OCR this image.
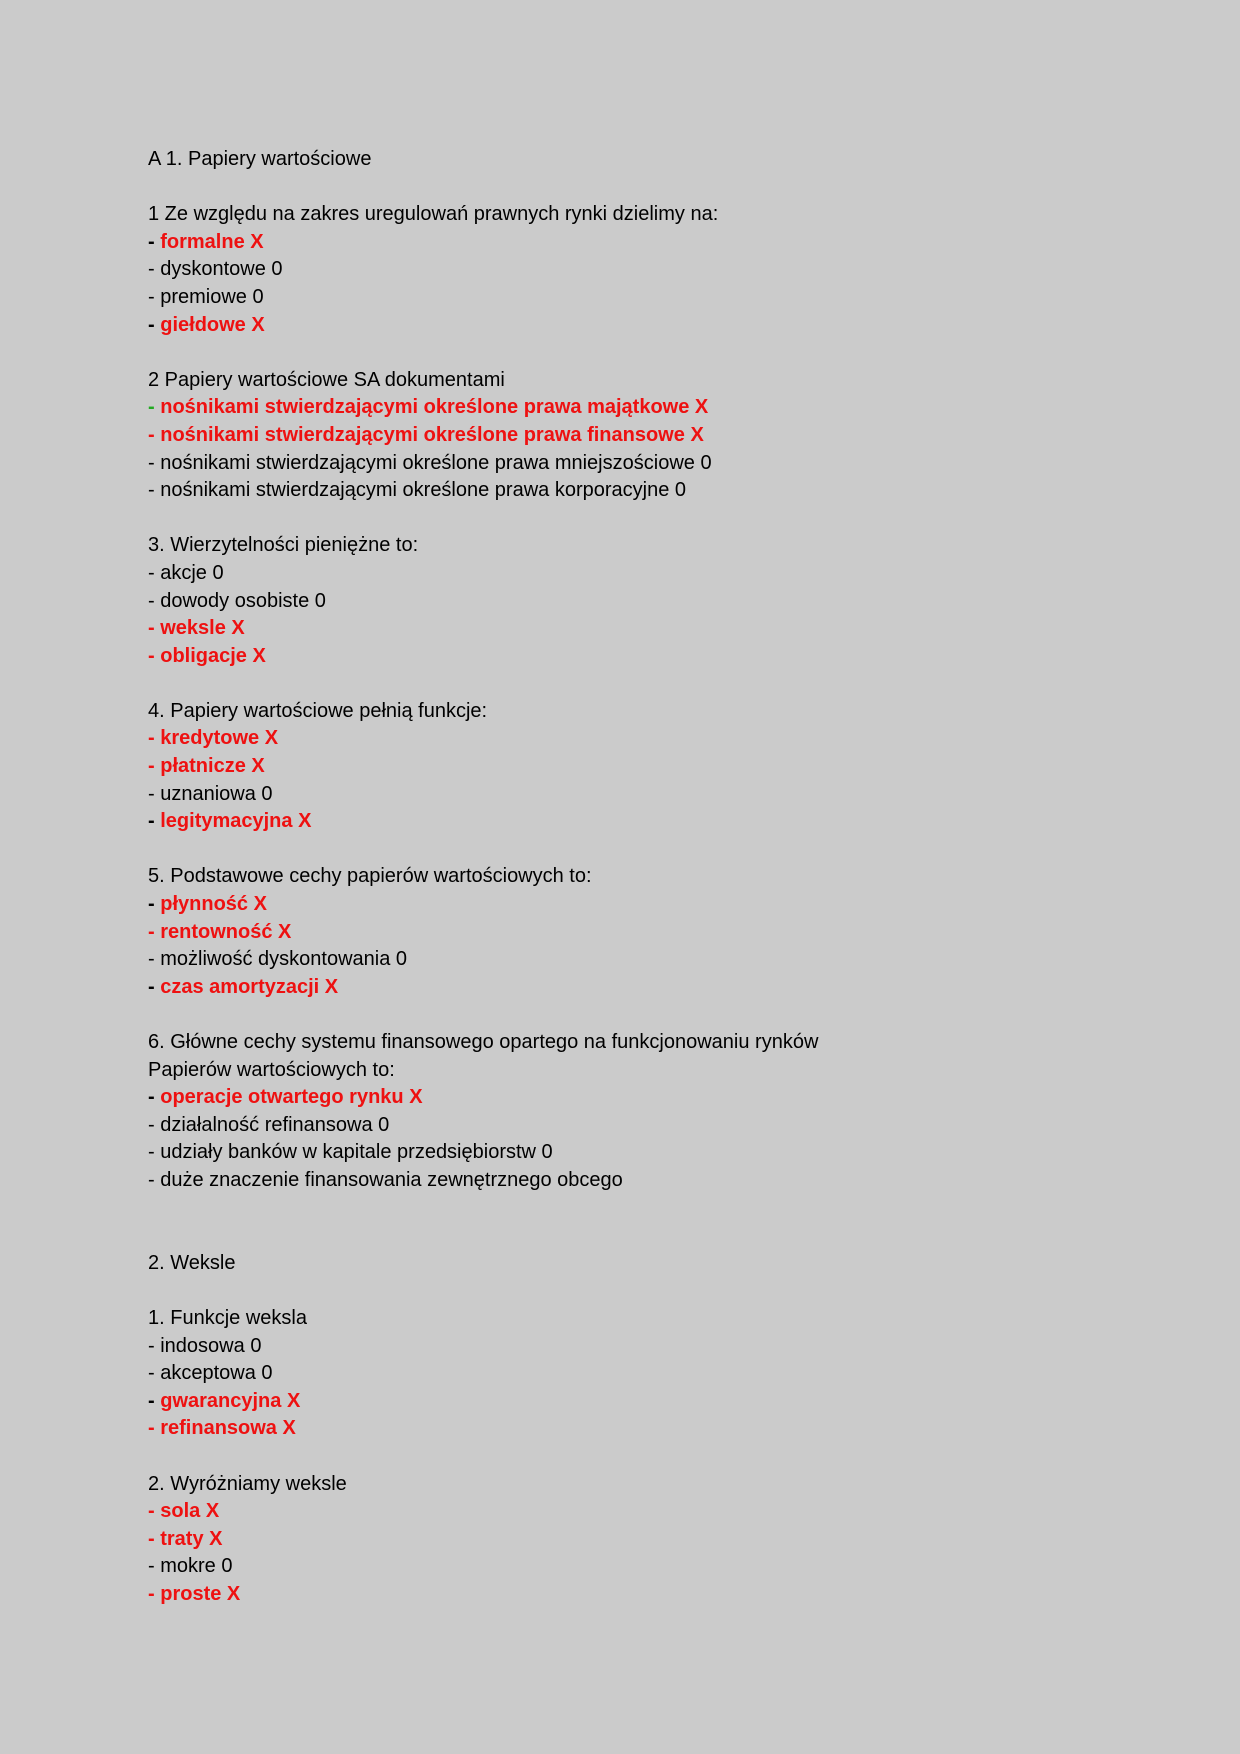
A 1. Papiery wartościowe
1 Ze względu na zakres uregulowań prawnych rynki dzielimy na:
- formalne X
- dyskontowe 0
- premiowe 0
- giełdowe X
2 Papiery wartościowe SA dokumentami
- nośnikami stwierdzającymi określone prawa majątkowe X
- nośnikami stwierdzającymi określone prawa finansowe X
- nośnikami stwierdzającymi określone prawa mniejszościowe 0
- nośnikami stwierdzającymi określone prawa korporacyjne 0
3. Wierzytelności pieniężne to:
- akcje 0
- dowody osobiste 0
- weksle X
- obligacje X
4. Papiery wartościowe pełnią funkcje:
- kredytowe X
- płatnicze X
- uznaniowa 0
- legitymacyjna X
5. Podstawowe cechy papierów wartościowych to:
- płynność X
- rentowność X
- możliwość dyskontowania 0
- czas amortyzacji X
6. Główne cechy systemu finansowego opartego na funkcjonowaniu rynków
Papierów wartościowych to:
- operacje otwartego rynku X
- działalność refinansowa 0
- udziały banków w kapitale przedsiębiorstw 0
- duże znaczenie finansowania zewnętrznego obcego
2. Weksle
1. Funkcje weksla
- indosowa 0
- akceptowa 0
- gwarancyjna X
- refinansowa X
2. Wyróżniamy weksle
- sola X
- traty X
- mokre 0
- proste X
